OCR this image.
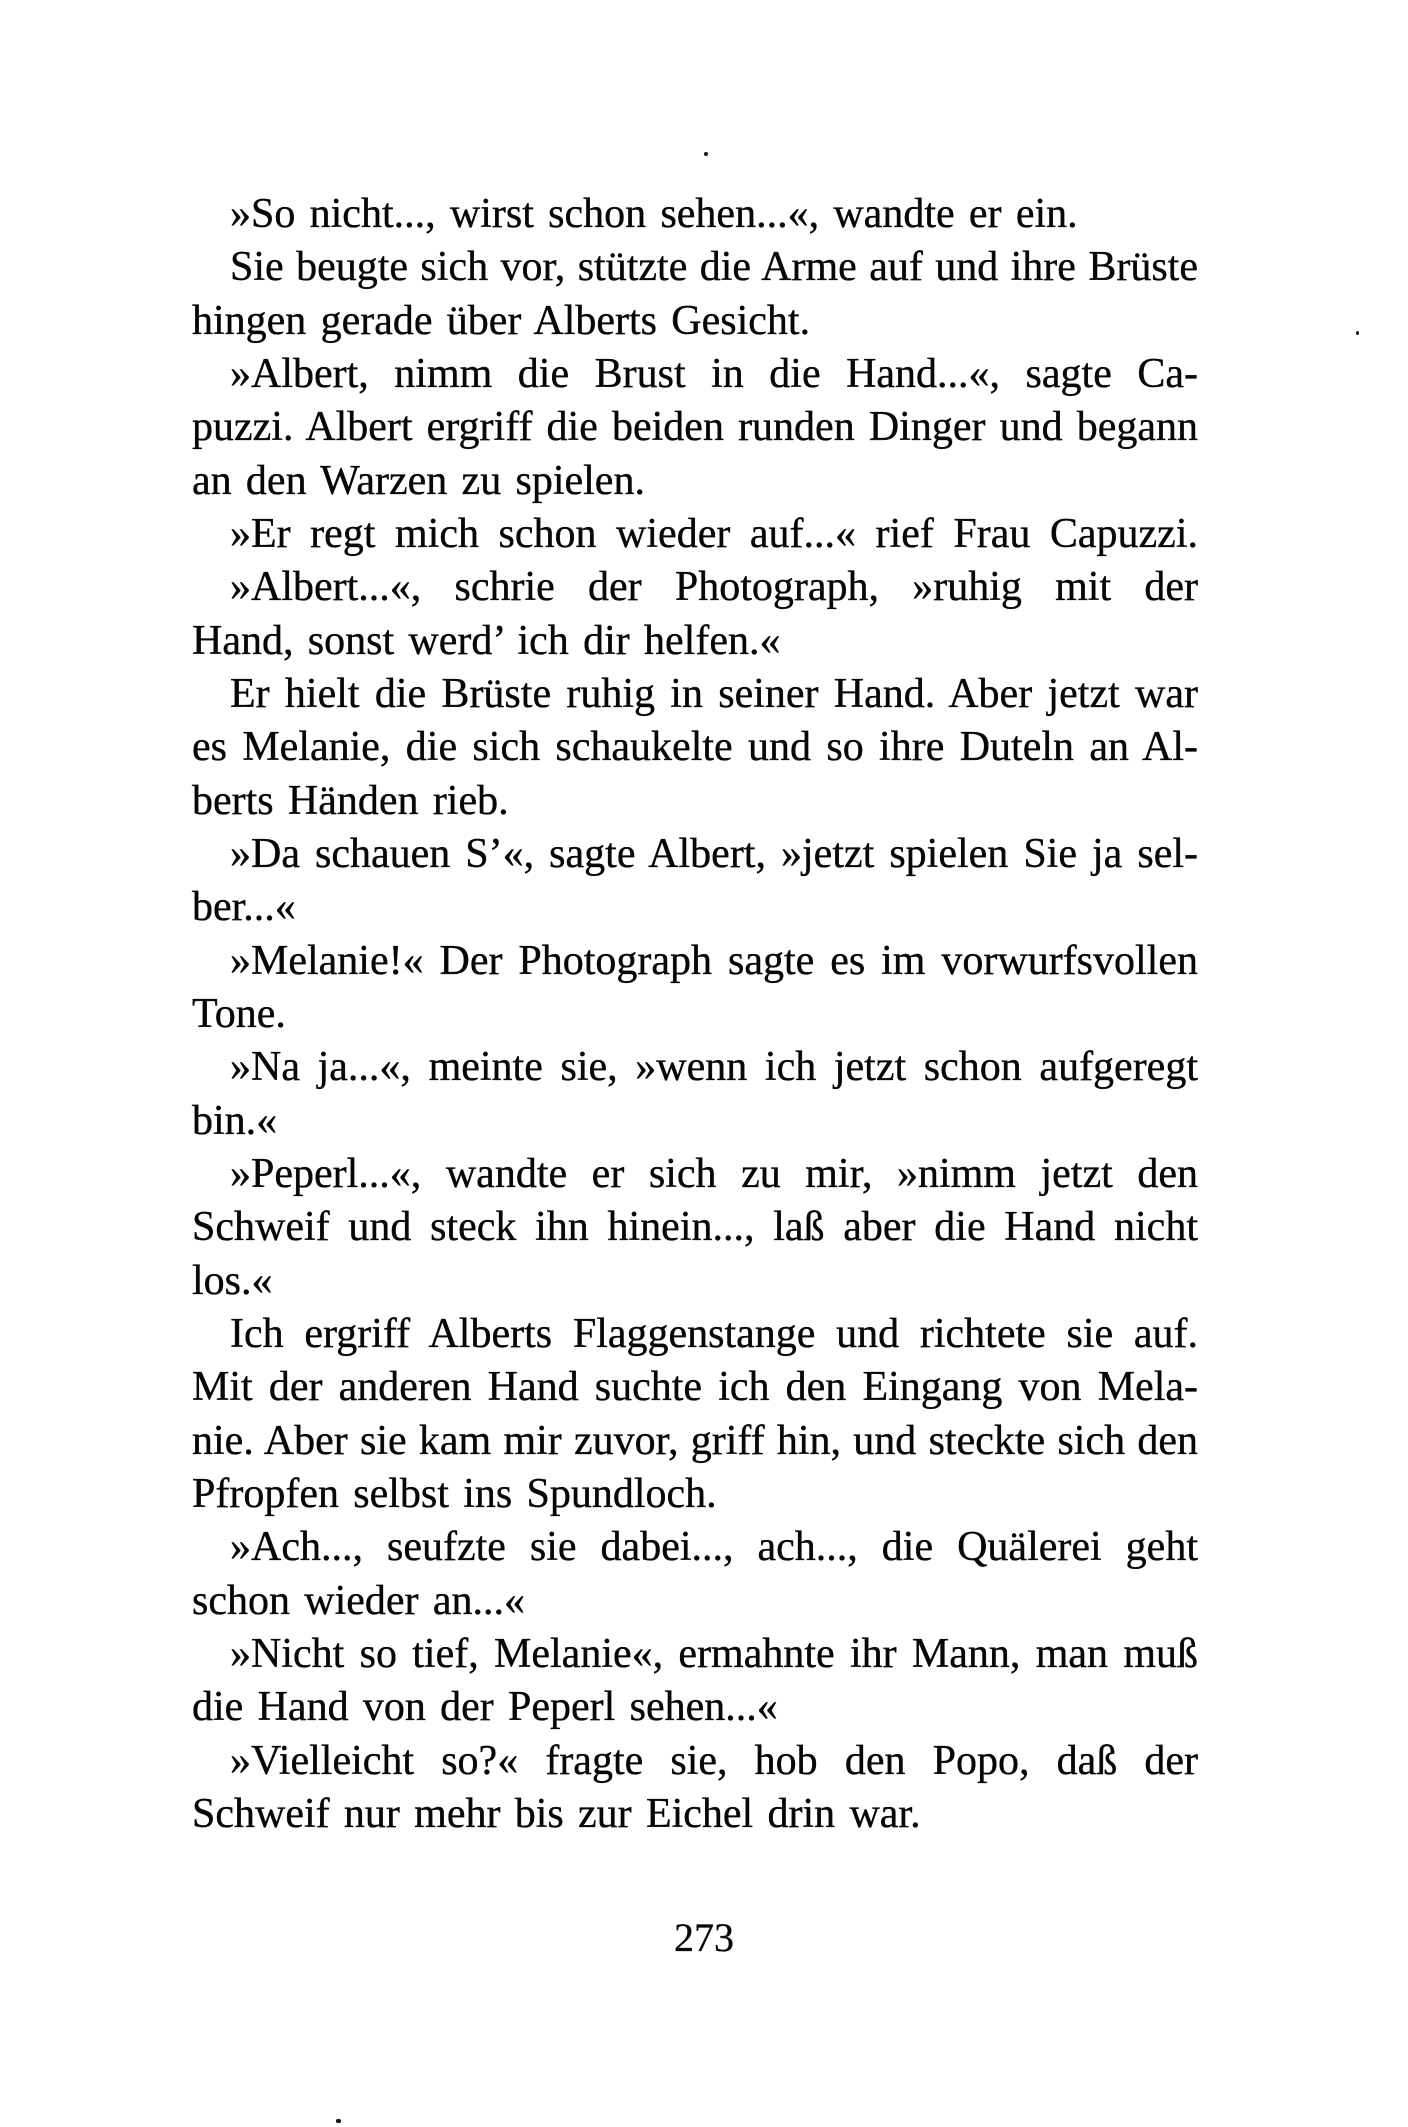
»So nicht..., wirst schon sehen...«, wandte er ein.
Sie beugte sich vor, stützte die Arme auf und ihre Brüste
hingen gerade über Alberts Gesicht.
»Albert, nimm die Brust in die Hand...«, sagte Ca-
puzzi. Albert ergriff die beiden runden Dinger und begann
an den Warzen zu spielen.
»Er regt mich schon wieder auf...« rief Frau Capuzzi.
»Albert...«, schrie der Photograph, »ruhig mit der
Hand, sonst werd’ ich dir helfen.«
Er hielt die Brüste ruhig in seiner Hand. Aber jetzt war
es Melanie, die sich schaukelte und so ihre Duteln an Al-
berts Händen rieb.
»Da schauen S’«, sagte Albert, »jetzt spielen Sie ja sel-
ber...«
»Melanie!« Der Photograph sagte es im vorwurfsvollen
Tone.
»Na ja...«, meinte sie, »wenn ich jetzt schon aufgeregt
bin.«
»Peperl...«, wandte er sich zu mir, »nimm jetzt den
Schweif und steck ihn hinein..., laß aber die Hand nicht
los.«
Ich ergriff Alberts Flaggenstange und richtete sie auf.
Mit der anderen Hand suchte ich den Eingang von Mela-
nie. Aber sie kam mir zuvor, griff hin, und steckte sich den
Pfropfen selbst ins Spundloch.
»Ach..., seufzte sie dabei..., ach..., die Quälerei geht
schon wieder an...«
»Nicht so tief, Melanie«, ermahnte ihr Mann, man muß
die Hand von der Peperl sehen...«
»Vielleicht so?« fragte sie, hob den Popo, daß der
Schweif nur mehr bis zur Eichel drin war.
273
